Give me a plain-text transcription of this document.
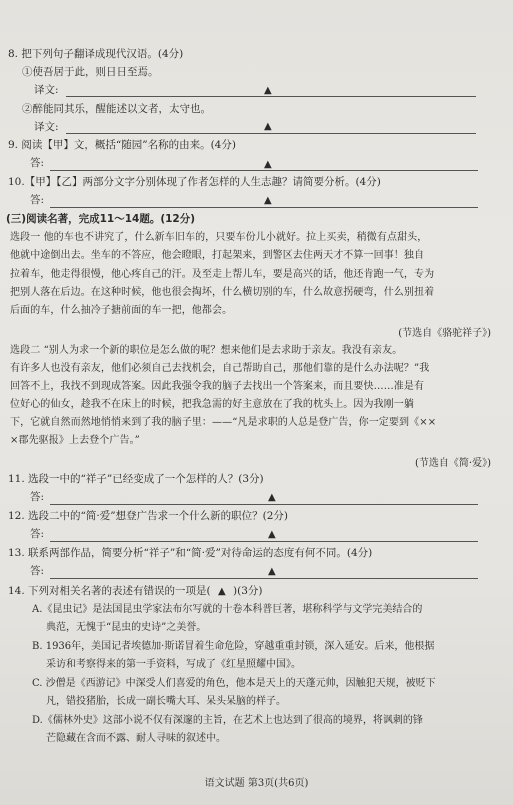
8. 把下列句子翻译成现代汉语。(4分)
①使吾居于此，则日日至焉。
译文:	▲
②醉能同其乐，醒能述以文者，太守也。
译文:	▲
9. 阅读【甲】文，概括“随园”名称的由来。(4分)
答:	▲
10.【甲】【乙】两部分文字分别体现了作者怎样的人生志趣？请简要分析。(4分)
答:	▲
(三)阅读名著，完成11～14题。(12分)
选段一 他的车也不讲究了，什么新车旧车的，只要车份儿小就好。拉上买卖，稍微有点甜头，
他就中途倒出去。坐车的不答应，他会瞪眼，打起架来，到警区去住两天才不算一回事！独自
拉着车，他走得很慢，他心疼自己的汗。及至走上帮儿车，要是高兴的话，他还肯跑一气，专为
把别人落在后边。在这种时候，他也很会掏坏，什么横切别的车，什么故意拐硬弯，什么别扭着
后面的车，什么抽冷子搪前面的车一把，他都会。
(节选自《骆驼祥子》)
选段二 “别人为求一个新的职位是怎么做的呢？想来他们是去求助于亲友。我没有亲友。
有许多人也没有亲友，他们必须自己去找机会，自己帮助自己，那他们靠的是什么办法呢？”我
回答不上，我找不到现成答案。因此我强令我的脑子去找出一个答案来，而且要快……准是有
位好心的仙女，趁我不在床上的时候，把我急需的好主意放在了我的枕头上。因为我刚一躺
下，它就自然而然地悄悄来到了我的脑子里：——“凡是求职的人总是登广告，你一定要到《××
×郡先驱报》上去登个广告。”
(节选自《简·爱》)
11. 选段一中的“祥子”已经变成了一个怎样的人？(3分)
答:	▲
12. 选段二中的“简·爱”想登广告求一个什么新的职位？(2分)
答:	▲
13. 联系两部作品，简要分析“祥子”和“简·爱”对待命运的态度有何不同。(4分)
答:	▲
14. 下列对相关名著的表述有错误的一项是( ▲ )(3分)
A.《昆虫记》是法国昆虫学家法布尔写就的十卷本科普巨著，堪称科学与文学完美结合的
典范，无愧于“昆虫的史诗”之美誉。
B. 1936年，美国记者埃德加·斯诺冒着生命危险，穿越重重封锁，深入延安。后来，他根据
采访和考察得来的第一手资料，写成了《红星照耀中国》。
C. 沙僧是《西游记》中深受人们喜爱的角色，他本是天上的天蓬元帅，因触犯天规，被贬下
凡，错投猪胎，长成一副长嘴大耳、呆头呆脑的样子。
D.《儒林外史》这部小说不仅有深邃的主旨，在艺术上也达到了很高的境界，将讽刺的锋
芒隐藏在含而不露、耐人寻味的叙述中。
语文试题 第3页(共6页)
